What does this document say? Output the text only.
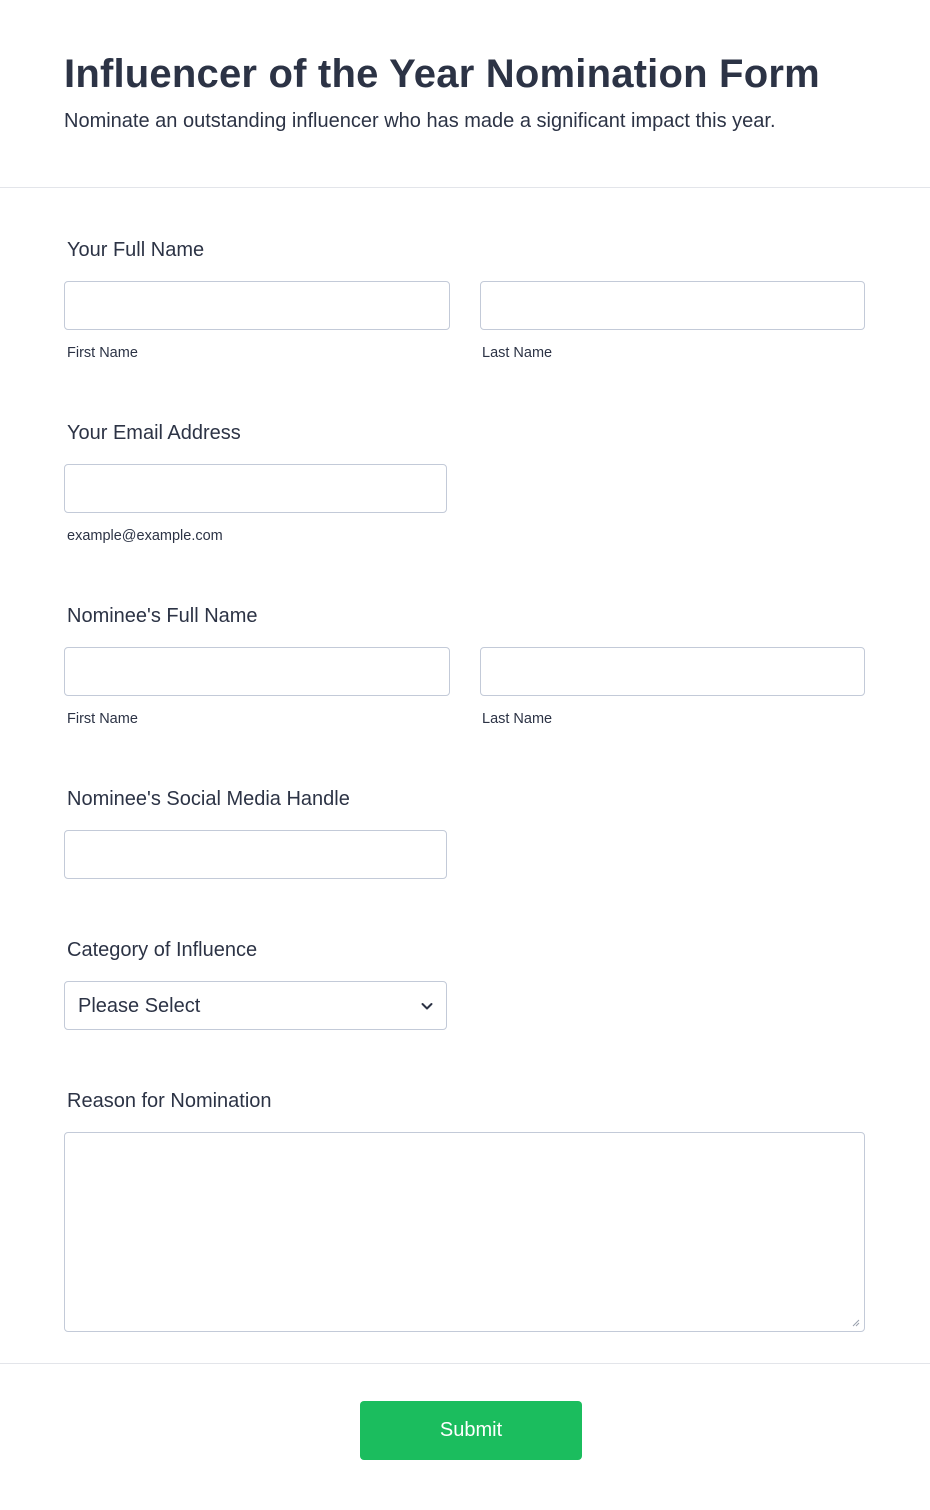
Influencer of the Year Nomination Form

Nominate an outstanding influencer who has made a significant impact this year.

Your Full Name
First Name	Last Name
Your Email Address
example@example.com
Nominee's Full Name
First Name	Last Name
Nominee's Social Media Handle
Category of Influence
Please Select
Reason for Nomination
Submit
